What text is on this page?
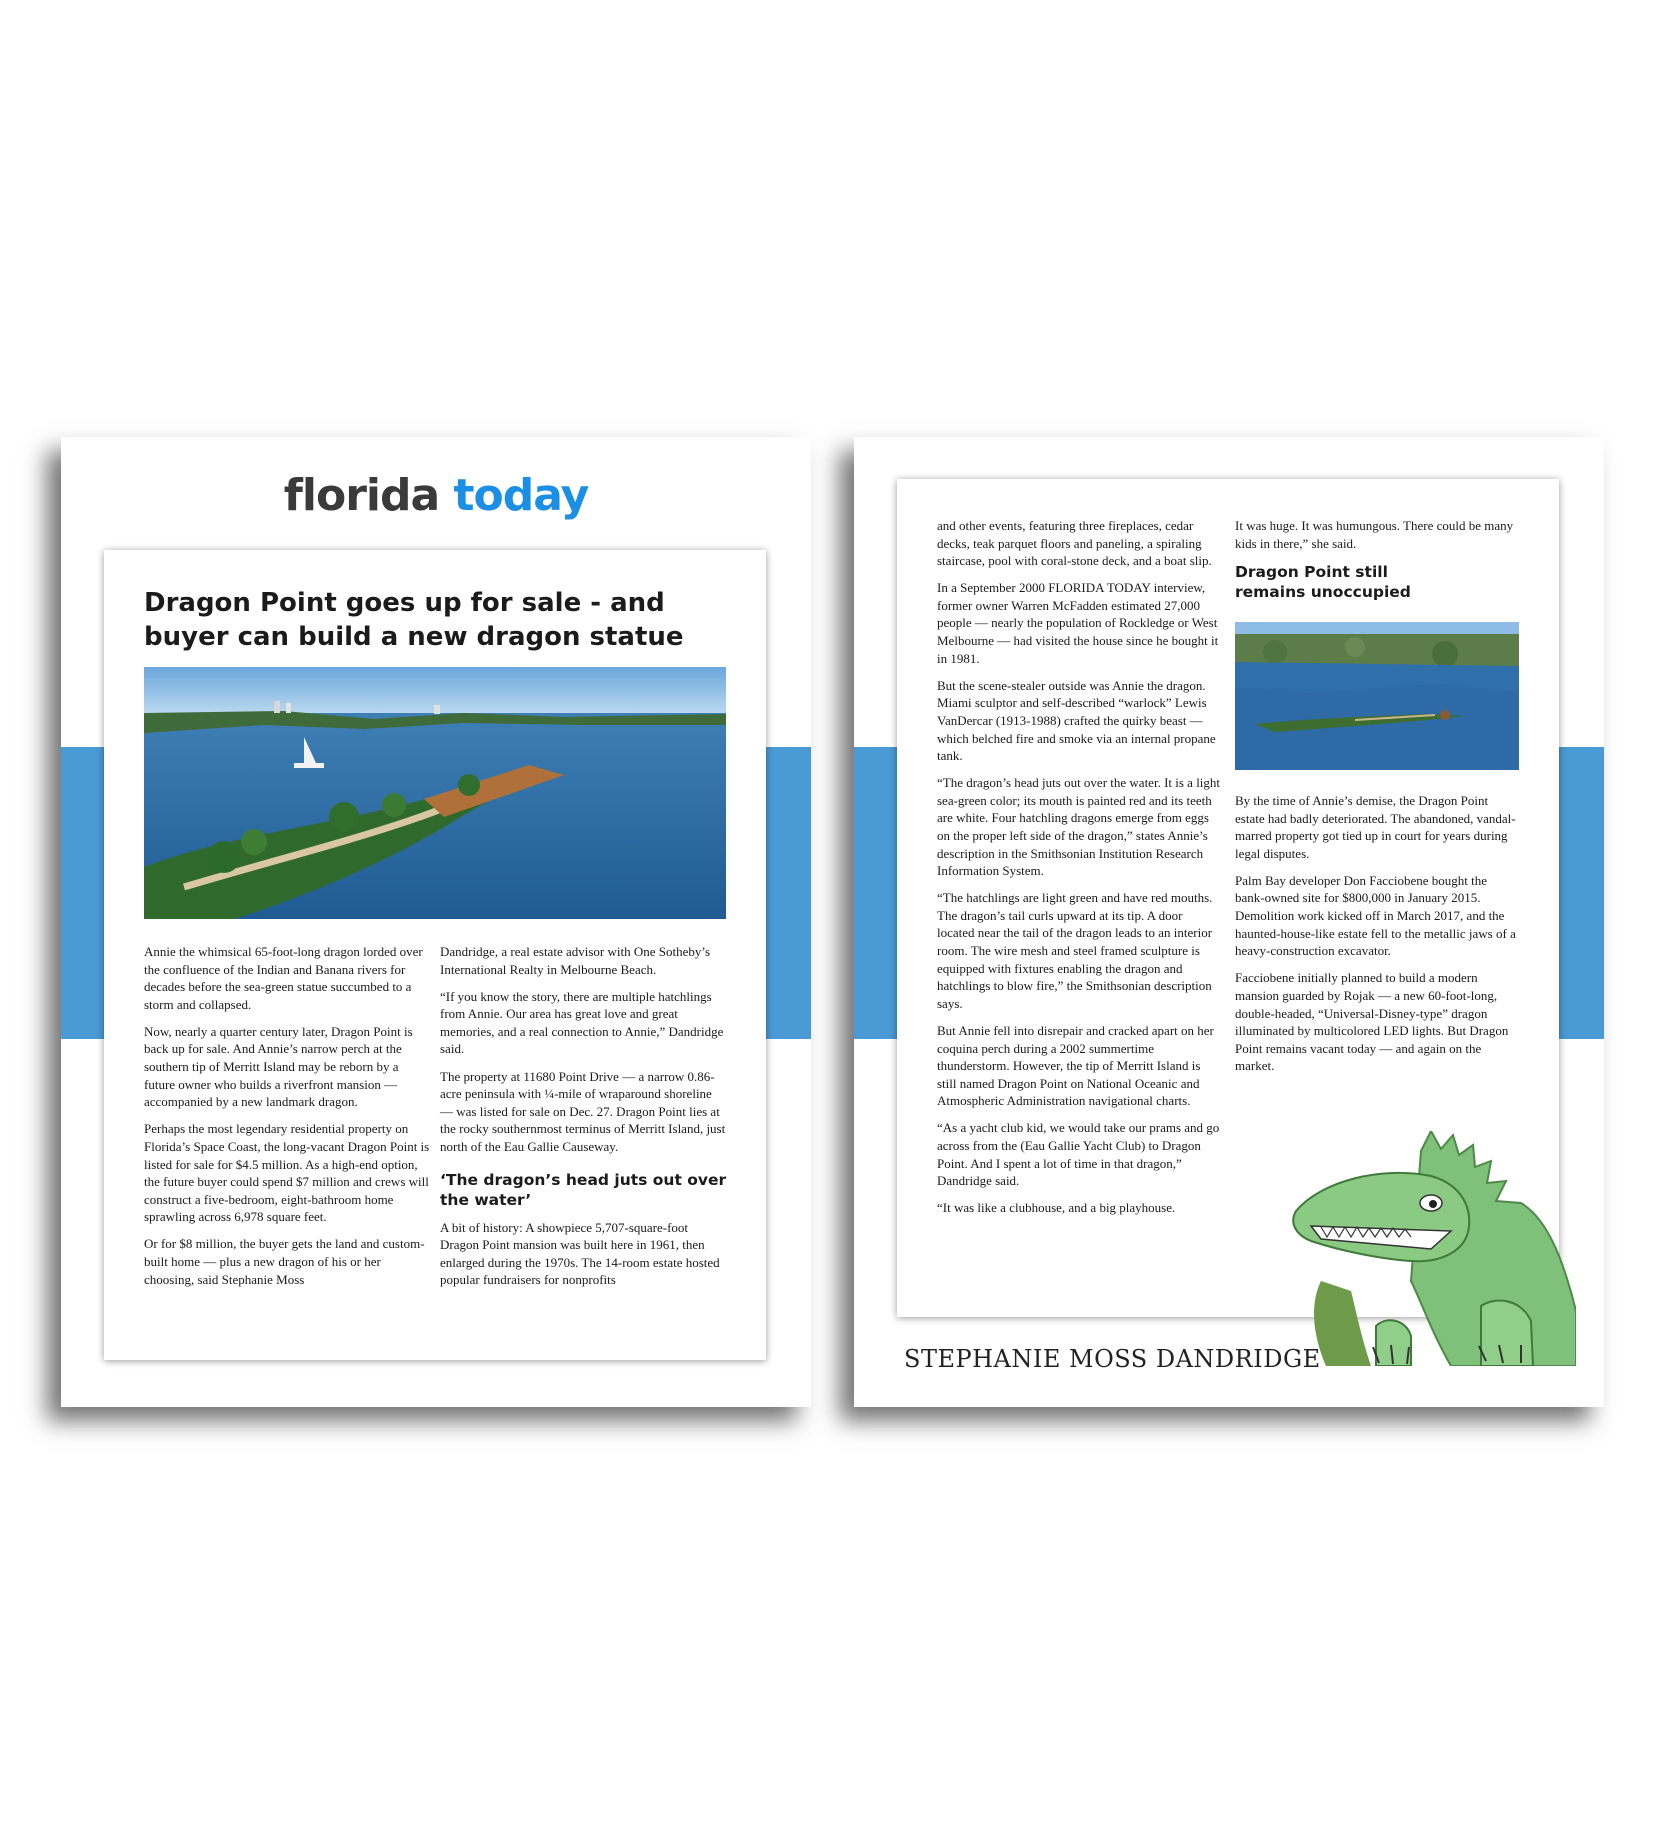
florida today
Dragon Point goes up for sale - and buyer can build a new dragon statue

Annie the whimsical 65-foot-long dragon lorded over the confluence of the Indian and Banana rivers for decades before the sea-green statue succumbed to a storm and collapsed.

Now, nearly a quarter century later, Dragon Point is back up for sale. And Annie’s narrow perch at the southern tip of Merritt Island may be reborn by a future owner who builds a riverfront mansion — accompanied by a new landmark dragon.

Perhaps the most legendary residential property on Florida’s Space Coast, the long-vacant Dragon Point is listed for sale for $4.5 million. As a high-end option, the future buyer could spend $7 million and crews will construct a five-bedroom, eight-bathroom home sprawling across 6,978 square feet.

Or for $8 million, the buyer gets the land and custom-built home — plus a new dragon of his or her choosing, said Stephanie Moss

Dandridge, a real estate advisor with One Sotheby’s International Realty in Melbourne Beach.

“If you know the story, there are multiple hatchlings from Annie. Our area has great love and great memories, and a real connection to Annie,” Dandridge said.

The property at 11680 Point Drive — a narrow 0.86-acre peninsula with ¼-mile of wraparound shoreline — was listed for sale on Dec. 27. Dragon Point lies at the rocky southernmost terminus of Merritt Island, just north of the Eau Gallie Causeway.

‘The dragon’s head juts out over the water’

A bit of history: A showpiece 5,707-square-foot Dragon Point mansion was built here in 1961, then enlarged during the 1970s. The 14-room estate hosted popular fundraisers for nonprofits

and other events, featuring three fireplaces, cedar decks, teak parquet floors and paneling, a spiraling staircase, pool with coral-stone deck, and a boat slip.

In a September 2000 FLORIDA TODAY interview, former owner Warren McFadden estimated 27,000 people — nearly the population of Rockledge or West Melbourne — had visited the house since he bought it in 1981.

But the scene-stealer outside was Annie the dragon. Miami sculptor and self-described “warlock” Lewis VanDercar (1913-1988) crafted the quirky beast — which belched fire and smoke via an internal propane tank.

“The dragon’s head juts out over the water. It is a light sea-green color; its mouth is painted red and its teeth are white. Four hatchling dragons emerge from eggs on the proper left side of the dragon,” states Annie’s description in the Smithsonian Institution Research Information System.

“The hatchlings are light green and have red mouths. The dragon’s tail curls upward at its tip. A door located near the tail of the dragon leads to an interior room. The wire mesh and steel framed sculpture is equipped with fixtures enabling the dragon and hatchlings to blow fire,” the Smithsonian description says.

But Annie fell into disrepair and cracked apart on her coquina perch during a 2002 summertime thunderstorm. However, the tip of Merritt Island is still named Dragon Point on National Oceanic and Atmospheric Administration navigational charts.

“As a yacht club kid, we would take our prams and go across from the (Eau Gallie Yacht Club) to Dragon Point. And I spent a lot of time in that dragon,” Dandridge said.

“It was like a clubhouse, and a big playhouse.

It was huge. It was humungous. There could be many kids in there,” she said.

Dragon Point still remains unoccupied

By the time of Annie’s demise, the Dragon Point estate had badly deteriorated. The abandoned, vandal-marred property got tied up in court for years during legal disputes.

Palm Bay developer Don Facciobene bought the bank-owned site for $800,000 in January 2015. Demolition work kicked off in March 2017, and the haunted-house-like estate fell to the metallic jaws of a heavy-construction excavator.

Facciobene initially planned to build a modern mansion guarded by Rojak — a new 60-foot-long, double-headed, “Universal-Disney-type” dragon illuminated by multicolored LED lights. But Dragon Point remains vacant today — and again on the market.

STEPHANIE MOSS DANDRIDGE
